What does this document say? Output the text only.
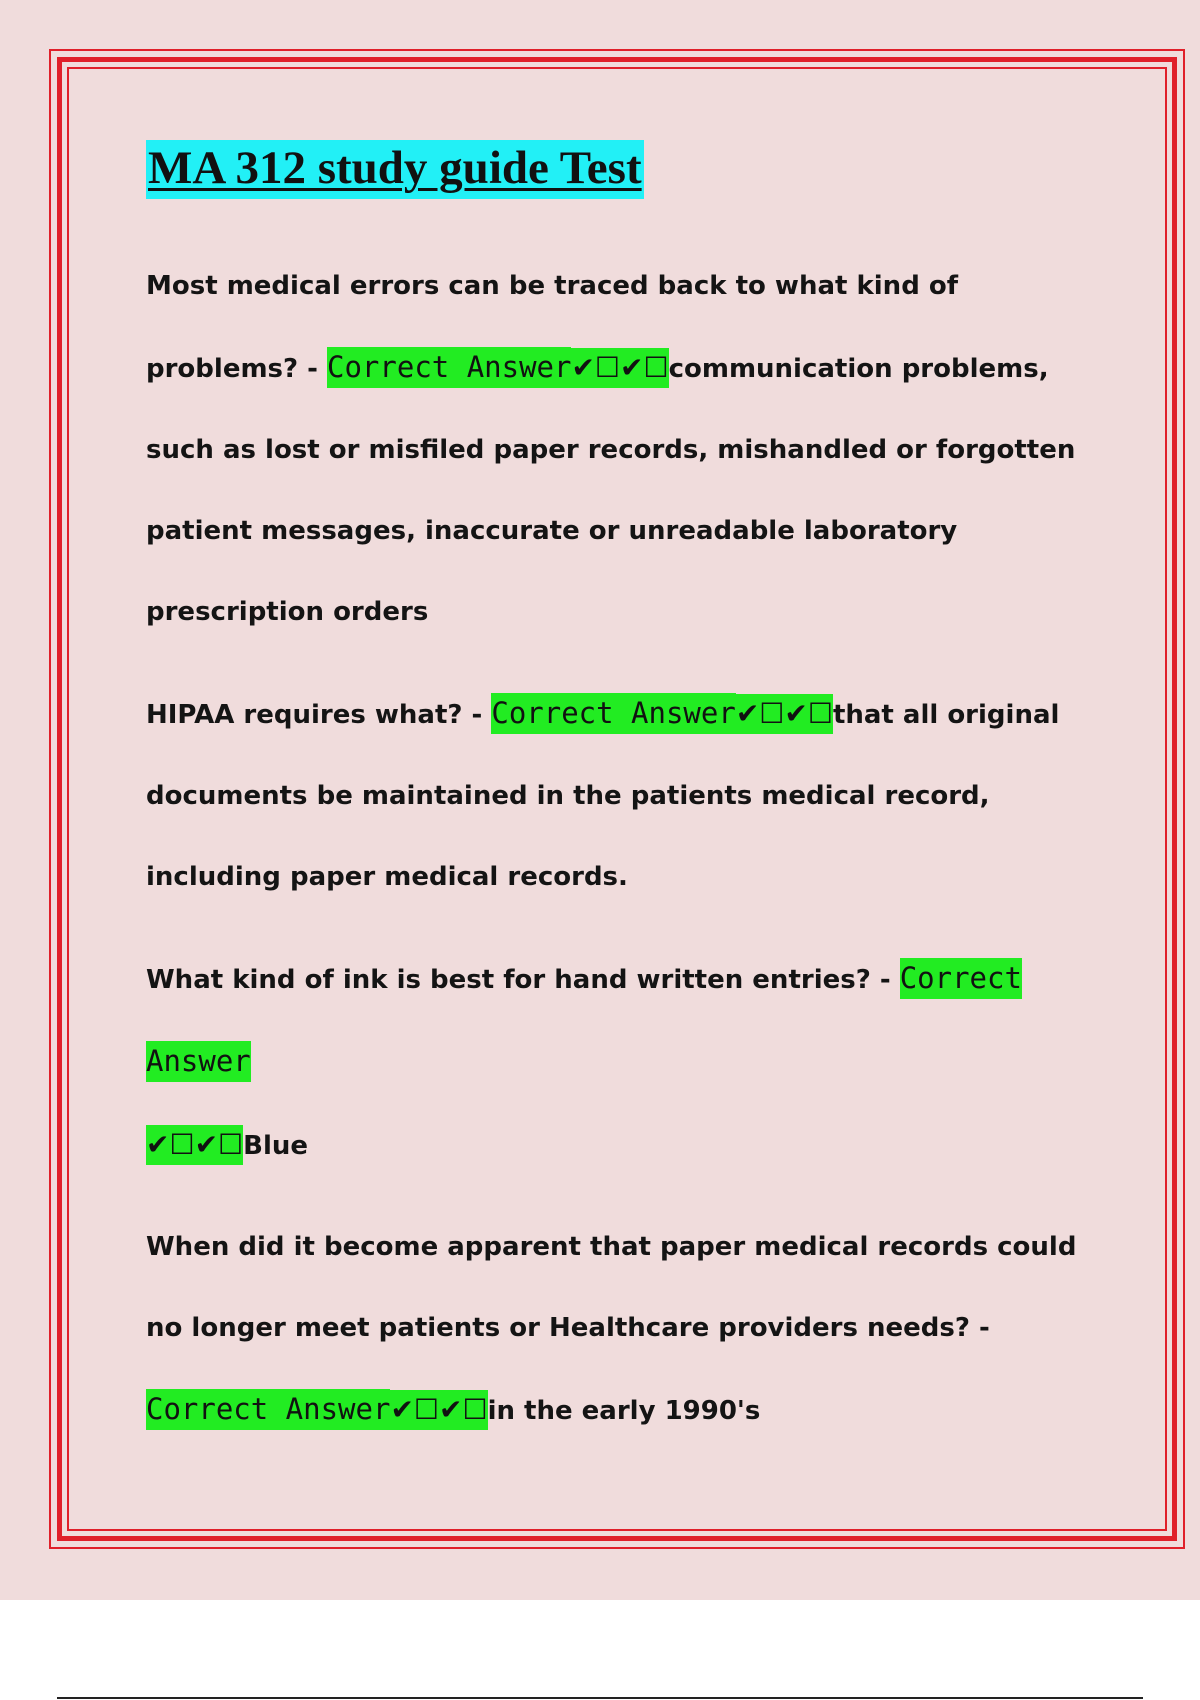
MA 312 study guide Test

Most medical errors can be traced back to what kind of problems? - Correct Answer✔☐✔☐communication problems, such as lost or misfiled paper records, mishandled or forgotten patient messages, inaccurate or unreadable laboratory prescription orders

HIPAA requires what? - Correct Answer✔☐✔☐that all original documents be maintained in the patients medical record, including paper medical records.

What kind of ink is best for hand written entries? - Correct Answer
✔☐✔☐Blue

When did it become apparent that paper medical records could no longer meet patients or Healthcare providers needs? - Correct Answer✔☐✔☐in the early 1990's
